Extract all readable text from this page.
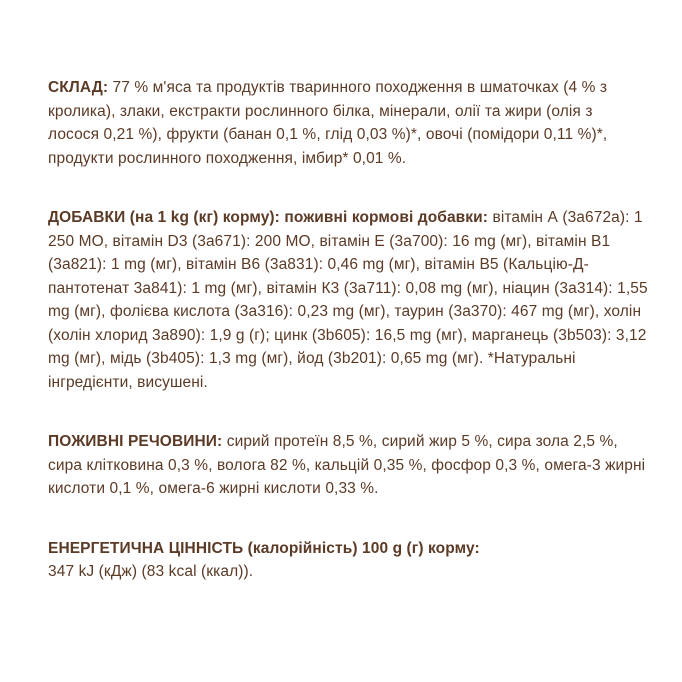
СКЛАД: 77 % м'яса та продуктів тваринного походження в шматочках (4 % з кролика), злаки, екстракти рослинного білка, мінерали, олії та жири (олія з лосося 0,21 %), фрукти (банан 0,1 %, глід 0,03 %)*, овочі (помідори 0,11 %)*, продукти рослинного походження, імбир* 0,01 %.

ДОБАВКИ (на 1 kg (кг) корму): поживні кормові добавки: вітамін А (3a672a): 1 250 МО, вітамін D3 (3a671): 200 МО, вітамін Е (3a700): 16 mg (мг), вітамін В1 (3a821): 1 mg (мг), вітамін В6 (3a831): 0,46 mg (мг), вітамін В5 (Кальцію-Д-пантотенат 3a841): 1 mg (мг), вітамін К3 (3a711): 0,08 mg (мг), ніацин (3a314): 1,55 mg (мг), фолієва кислота (3a316): 0,23 mg (мг), таурин (3a370): 467 mg (мг), холін (холін хлорид 3a890): 1,9 g (г); цинк (3b605): 16,5 mg (мг), марганець (3b503): 3,12 mg (мг), мідь (3b405): 1,3 mg (мг), йод (3b201): 0,65 mg (мг). *Натуральні інгредієнти, висушені.

ПОЖИВНІ РЕЧОВИНИ: сирий протеїн 8,5 %, сирий жир 5 %, сира зола 2,5 %, сира клітковина 0,3 %, волога 82 %, кальцій 0,35 %, фосфор 0,3 %, омега-3 жирні кислоти 0,1 %, омега-6 жирні кислоти 0,33 %.

ЕНЕРГЕТИЧНА ЦІННІСТЬ (калорійність) 100 g (г) корму:
347 kJ (кДж) (83 kcal (ккал)).
